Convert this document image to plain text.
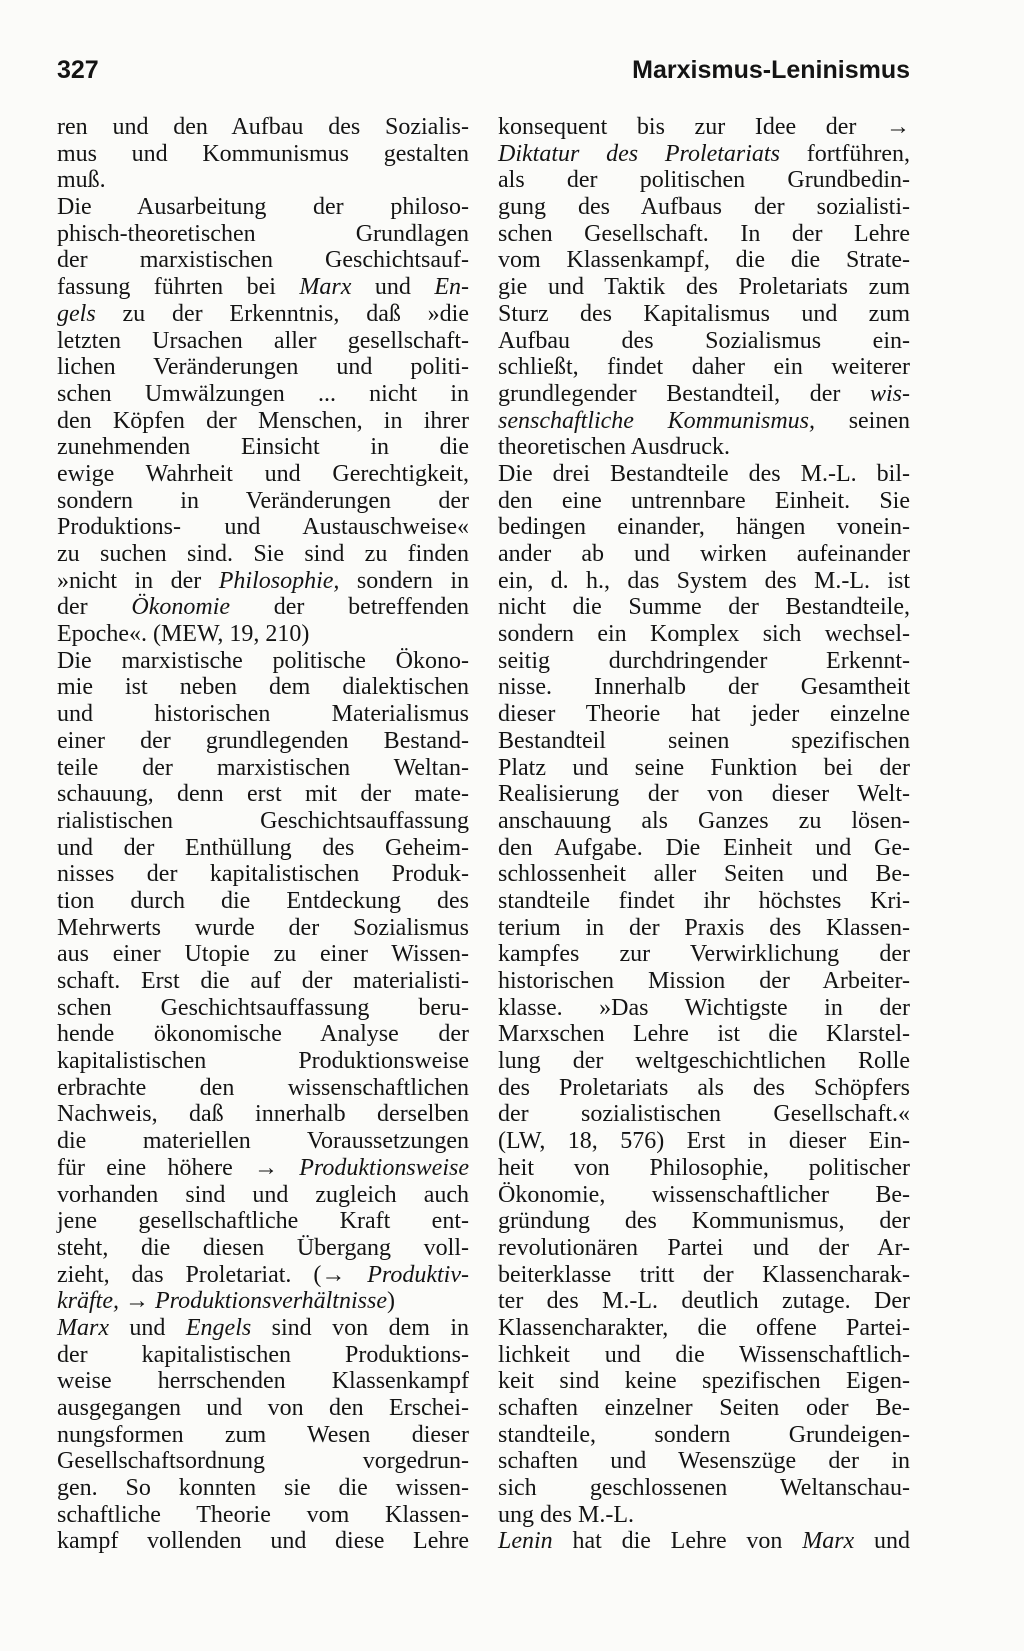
327	Marxismus-Leninismus
ren und den Aufbau des Sozialis-
mus und Kommunismus gestalten
muß.
Die Ausarbeitung der philoso-
phisch-theoretischen Grundlagen
der marxistischen Geschichtsauf-
fassung führten bei Marx und En-
gels zu der Erkenntnis, daß »die
letzten Ursachen aller gesellschaft-
lichen Veränderungen und politi-
schen Umwälzungen ... nicht in
den Köpfen der Menschen, in ihrer
zunehmenden Einsicht in die
ewige Wahrheit und Gerechtigkeit,
sondern in Veränderungen der
Produktions- und Austauschweise«
zu suchen sind. Sie sind zu finden
»nicht in der Philosophie, sondern in
der Ökonomie der betreffenden
Epoche«. (MEW, 19, 210)
Die marxistische politische Ökono-
mie ist neben dem dialektischen
und historischen Materialismus
einer der grundlegenden Bestand-
teile der marxistischen Weltan-
schauung, denn erst mit der mate-
rialistischen Geschichtsauffassung
und der Enthüllung des Geheim-
nisses der kapitalistischen Produk-
tion durch die Entdeckung des
Mehrwerts wurde der Sozialismus
aus einer Utopie zu einer Wissen-
schaft. Erst die auf der materialisti-
schen Geschichtsauffassung beru-
hende ökonomische Analyse der
kapitalistischen Produktionsweise
erbrachte den wissenschaftlichen
Nachweis, daß innerhalb derselben
die materiellen Voraussetzungen
für eine höhere → Produktionsweise
vorhanden sind und zugleich auch
jene gesellschaftliche Kraft ent-
steht, die diesen Übergang voll-
zieht, das Proletariat. (→ Produktiv-
kräfte, → Produktionsverhältnisse)
Marx und Engels sind von dem in
der kapitalistischen Produktions-
weise herrschenden Klassenkampf
ausgegangen und von den Erschei-
nungsformen zum Wesen dieser
Gesellschaftsordnung vorgedrun-
gen. So konnten sie die wissen-
schaftliche Theorie vom Klassen-
kampf vollenden und diese Lehre
konsequent bis zur Idee der →
Diktatur des Proletariats fortführen,
als der politischen Grundbedin-
gung des Aufbaus der sozialisti-
schen Gesellschaft. In der Lehre
vom Klassenkampf, die die Strate-
gie und Taktik des Proletariats zum
Sturz des Kapitalismus und zum
Aufbau des Sozialismus ein-
schließt, findet daher ein weiterer
grundlegender Bestandteil, der wis-
senschaftliche Kommunismus, seinen
theoretischen Ausdruck.
Die drei Bestandteile des M.-L. bil-
den eine untrennbare Einheit. Sie
bedingen einander, hängen vonein-
ander ab und wirken aufeinander
ein, d. h., das System des M.-L. ist
nicht die Summe der Bestandteile,
sondern ein Komplex sich wechsel-
seitig durchdringender Erkennt-
nisse. Innerhalb der Gesamtheit
dieser Theorie hat jeder einzelne
Bestandteil seinen spezifischen
Platz und seine Funktion bei der
Realisierung der von dieser Welt-
anschauung als Ganzes zu lösen-
den Aufgabe. Die Einheit und Ge-
schlossenheit aller Seiten und Be-
standteile findet ihr höchstes Kri-
terium in der Praxis des Klassen-
kampfes zur Verwirklichung der
historischen Mission der Arbeiter-
klasse. »Das Wichtigste in der
Marxschen Lehre ist die Klarstel-
lung der weltgeschichtlichen Rolle
des Proletariats als des Schöpfers
der sozialistischen Gesellschaft.«
(LW, 18, 576) Erst in dieser Ein-
heit von Philosophie, politischer
Ökonomie, wissenschaftlicher Be-
gründung des Kommunismus, der
revolutionären Partei und der Ar-
beiterklasse tritt der Klassencharak-
ter des M.-L. deutlich zutage. Der
Klassencharakter, die offene Partei-
lichkeit und die Wissenschaftlich-
keit sind keine spezifischen Eigen-
schaften einzelner Seiten oder Be-
standteile, sondern Grundeigen-
schaften und Wesenszüge der in
sich geschlossenen Weltanschau-
ung des M.-L.
Lenin hat die Lehre von Marx und
